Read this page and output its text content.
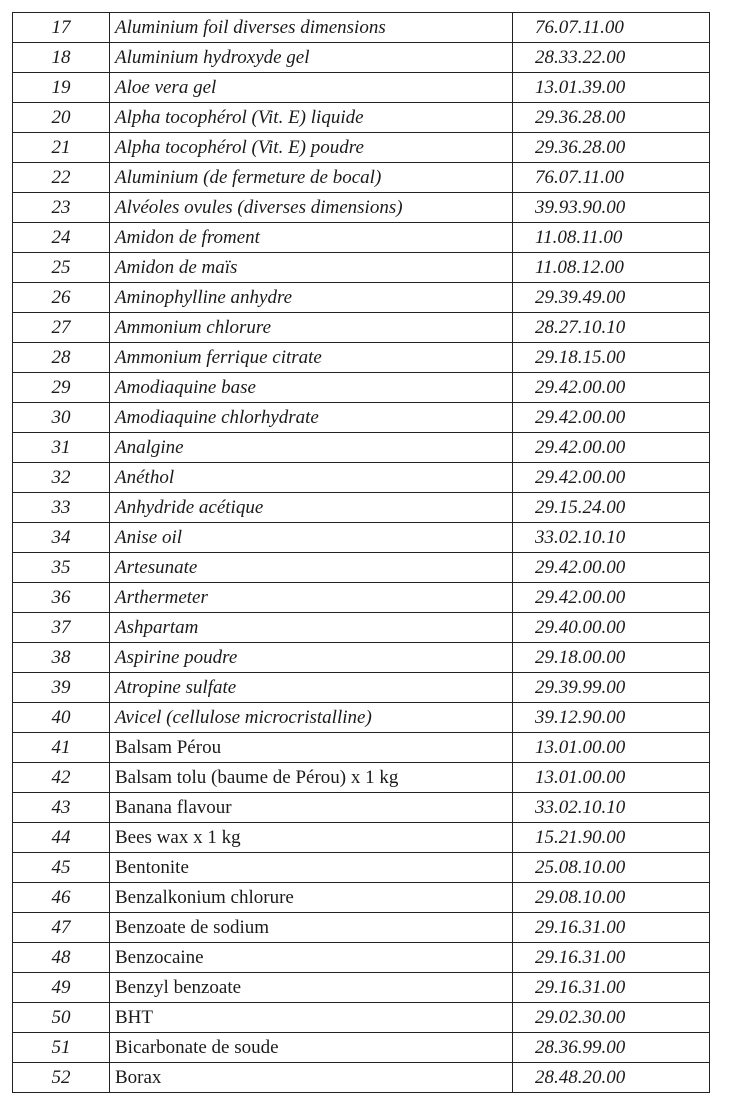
17	Aluminium foil diverses dimensions	76.07.11.00
18	Aluminium hydroxyde gel	28.33.22.00
19	Aloe vera gel	13.01.39.00
20	Alpha tocophérol (Vit. E) liquide	29.36.28.00
21	Alpha tocophérol (Vit. E) poudre	29.36.28.00
22	Aluminium (de fermeture de bocal)	76.07.11.00
23	Alvéoles ovules (diverses dimensions)	39.93.90.00
24	Amidon de froment	11.08.11.00
25	Amidon de maïs	11.08.12.00
26	Aminophylline anhydre	29.39.49.00
27	Ammonium chlorure	28.27.10.10
28	Ammonium ferrique citrate	29.18.15.00
29	Amodiaquine base	29.42.00.00
30	Amodiaquine chlorhydrate	29.42.00.00
31	Analgine	29.42.00.00
32	Anéthol	29.42.00.00
33	Anhydride acétique	29.15.24.00
34	Anise oil	33.02.10.10
35	Artesunate	29.42.00.00
36	Arthermeter	29.42.00.00
37	Ashpartam	29.40.00.00
38	Aspirine poudre	29.18.00.00
39	Atropine sulfate	29.39.99.00
40	Avicel (cellulose microcristalline)	39.12.90.00
41	Balsam Pérou	13.01.00.00
42	Balsam tolu (baume de Pérou) x 1 kg	13.01.00.00
43	Banana flavour	33.02.10.10
44	Bees wax x 1 kg	15.21.90.00
45	Bentonite	25.08.10.00
46	Benzalkonium chlorure	29.08.10.00
47	Benzoate de sodium	29.16.31.00
48	Benzocaine	29.16.31.00
49	Benzyl benzoate	29.16.31.00
50	BHT	29.02.30.00
51	Bicarbonate de soude	28.36.99.00
52	Borax	28.48.20.00
